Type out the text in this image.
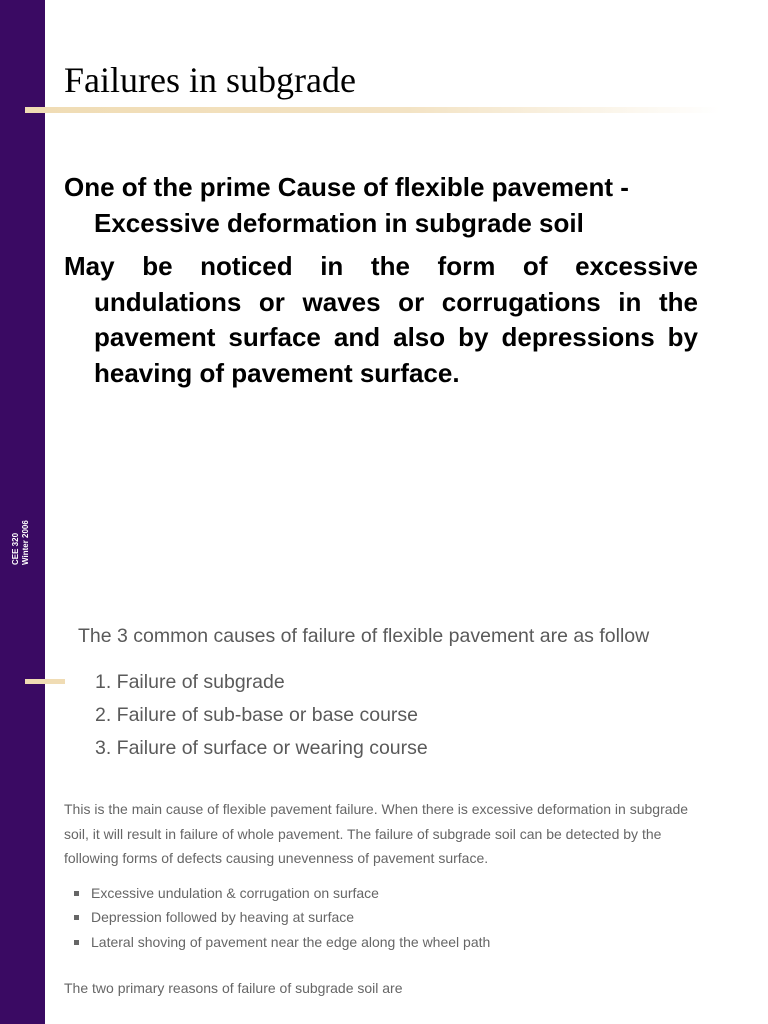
CEE 320 Winter 2006
Failures in subgrade

One of the prime Cause of flexible pavement - Excessive deformation in subgrade soil

May be noticed in the form of excessive undulations or waves or corrugations in the pavement surface and also by depressions by heaving of pavement surface.

The 3 common causes of failure of flexible pavement are as follow

1. Failure of subgrade
2. Failure of sub-base or base course
3. Failure of surface or wearing course

This is the main cause of flexible pavement failure. When there is excessive deformation in subgrade soil, it will result in failure of whole pavement. The failure of subgrade soil can be detected by the following forms of defects causing unevenness of pavement surface.

Excessive undulation & corrugation on surface
Depression followed by heaving at surface
Lateral shoving of pavement near the edge along the wheel path

The two primary reasons of failure of subgrade soil are
